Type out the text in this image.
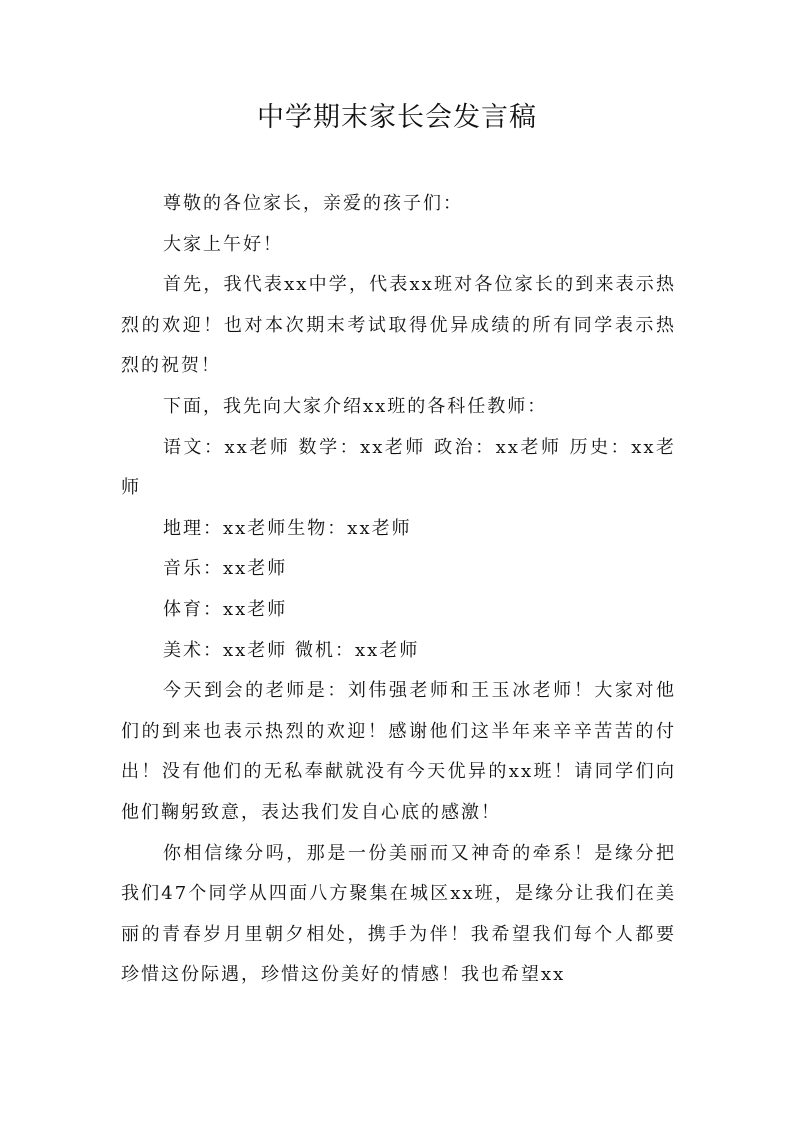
中学期末家长会发言稿

尊敬的各位家长，亲爱的孩子们：

大家上午好！

首先，我代表xx中学，代表xx班对各位家长的到来表示热烈的欢迎！也对本次期末考试取得优异成绩的所有同学表示热烈的祝贺！

下面，我先向大家介绍xx班的各科任教师：

语文：xx老师 数学：xx老师 政治：xx老师 历史：xx老师

地理：xx老师生物：xx老师

音乐：xx老师

体育：xx老师

美术：xx老师 微机：xx老师

今天到会的老师是：刘伟强老师和王玉冰老师！大家对他们的到来也表示热烈的欢迎！感谢他们这半年来辛辛苦苦的付出！没有他们的无私奉献就没有今天优异的xx班！请同学们向他们鞠躬致意，表达我们发自心底的感激！

你相信缘分吗，那是一份美丽而又神奇的牵系！是缘分把我们47个同学从四面八方聚集在城区xx班，是缘分让我们在美丽的青春岁月里朝夕相处，携手为伴！我希望我们每个人都要珍惜这份际遇，珍惜这份美好的情感！我也希望xx
